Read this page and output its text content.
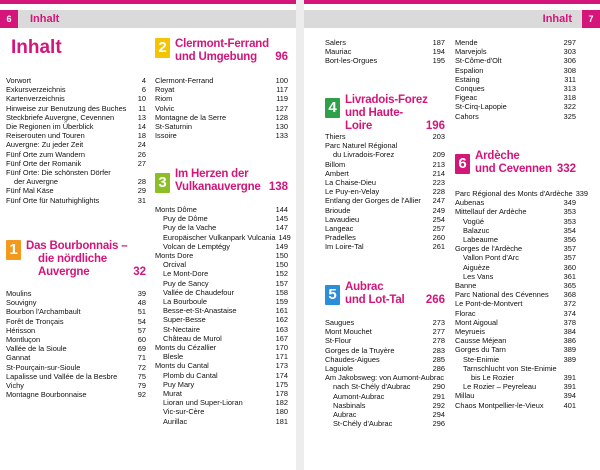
6	Inhalt	Inhalt	7
Inhalt
Vorwort	4
Exkursverzeichnis	6
Kartenverzeichnis	10
Hinweise zur Benutzung des Buches 11
Steckbriefe Auvergne, Cevennen	13
Die Regionen im Überblick	14
Reiserouten und Touren	18
Auvergne: Zu jeder Zeit	24
Fünf Orte zum Wandern	26
Fünf Orte der Romanik	27
Fünf Orte: Die schönsten Dörfer
der Auvergne	28
Fünf Mal Käse	29
Fünf Orte für Naturhighlights	31
1 Das Bourbonnais –
die nördliche
Auvergne	32
Moulins	39
Souvigny	48
Bourbon l'Archambault	51
Forêt de Tronçais	54
Hérisson	57
Montluçon	60
Vallée de la Sioule	69
Gannat	71
St-Pourçain-sur-Sioule	72
Lapalisse und Vallée de la Besbre	75
Vichy	79
Montagne Bourbonnaise	92
2 Clermont-Ferrand
und Umgebung 96
Clermont-Ferrand	100
Royat	117
Riom	119
Volvic	127
Montagne de la Serre	128
St-Saturnin	130
Issoire	133
3 Im Herzen der
Vulkanauvergne 138
Monts Dôme	144
Puy de Dôme	145
Puy de la Vache	147
Europäischer Vulkanpark Vulcania 149
Volcan de Lemptégy	149
Monts Dore	150
Orcival	150
Le Mont-Dore	152
Puy de Sancy	157
Vallée de Chaudefour	158
La Bourboule	159
Besse-et-St-Anastaise	161
Super-Besse	162
St-Nectaire	163
Château de Murol	167
Monts du Cézallier	170
Blesle	171
Monts du Cantal	173
Plomb du Cantal	174
Puy Mary	175
Murat	178
Lioran und Super-Lioran	182
Vic-sur-Cère	180
Aurillac	181
Salers	187
Mauriac	194
Bort-les-Orgues	195
4 Livradois-Forez
und Haute-Loire	196
Thiers	203
Parc Naturel Régional
du Livradois-Forez	209
Billom	213
Ambert	214
La Chaise-Dieu	223
Le Puy-en-Velay	228
Entlang der Gorges de l'Allier 247
Brioude	249
Lavaudieu	254
Langeac	257
Pradelles	260
Im Loire-Tal	261
5 Aubrac
und Lot-Tal 266
Saugues	273
Mont Mouchet	277
St-Flour	278
Gorges de la Truyère	283
Chaudes-Aigues	285
Laguiole	286
Am Jakobsweg: von Aumont-Aubrac
nach St-Chély d'Aubrac	290
Aumont-Aubrac	291
Nasbinals	292
Aubrac	294
St-Chély d'Aubrac	296
Mende	297
Marvejols	303
St-Côme-d'Olt	306
Espalion	308
Estaing	311
Conques	313
Figeac	318
St-Cirq-Lapopie	322
Cahors	325
6 Ardèche
und Cevennen 332
Parc Régional des Monts d'Ardèche 339
Aubenas	349
Mittellauf der Ardèche	353
Vogüé	353
Balazuc	354
Labeaume	356
Gorges de l'Ardèche	357
Vallon Pont d'Arc	357
Aiguèze	360
Les Vans	361
Banne	365
Parc National des Cévennes 368
Le Pont-de-Montvert	372
Florac	374
Mont Aigoual	378
Meyrueis	384
Causse Méjean	386
Gorges du Tarn	389
Ste-Enimie	389
Tarnschlucht von Ste-Enimie
bis Le Rozier	391
Le Rozier – Peyreleau	391
Millau	394
Chaos Montpellier-le-Vieux	401
